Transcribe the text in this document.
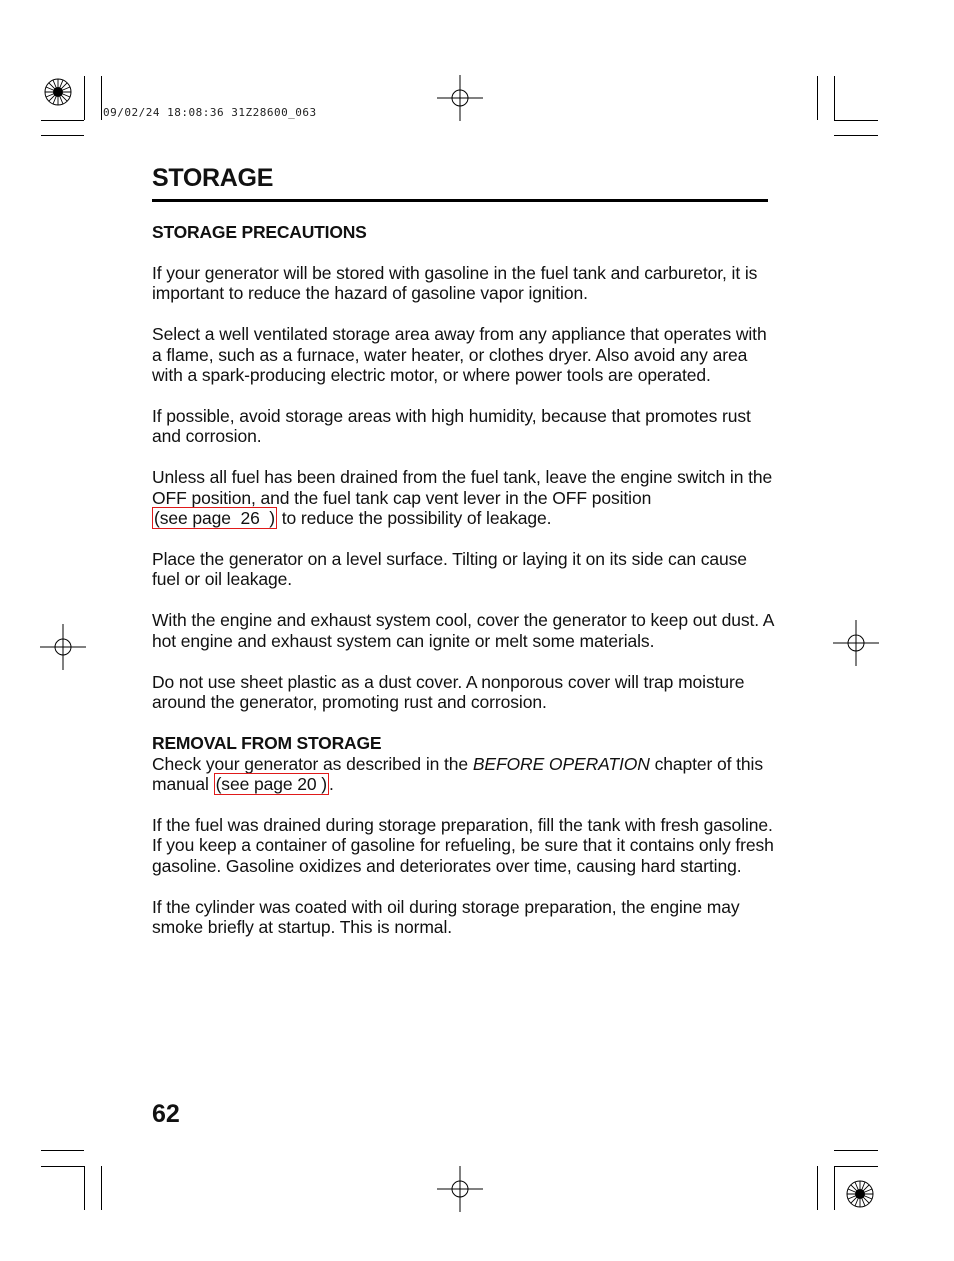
09/02/24 18:08:36 31Z28600_063
STORAGE
STORAGE PRECAUTIONS

If your generator will be stored with gasoline in the fuel tank and carburetor, it is important to reduce the hazard of gasoline vapor ignition.

Select a well ventilated storage area away from any appliance that operates with a flame, such as a furnace, water heater, or clothes dryer. Also avoid any area with a spark-producing electric motor, or where power tools are operated.

If possible, avoid storage areas with high humidity, because that promotes rust and corrosion.

Unless all fuel has been drained from the fuel tank, leave the engine switch in the OFF position, and the fuel tank cap vent lever in the OFF position (see page  26  ) to reduce the possibility of leakage.

Place the generator on a level surface. Tilting or laying it on its side can cause fuel or oil leakage.

With the engine and exhaust system cool, cover the generator to keep out dust. A hot engine and exhaust system can ignite or melt some materials.

Do not use sheet plastic as a dust cover. A nonporous cover will trap moisture around the generator, promoting rust and corrosion.

REMOVAL FROM STORAGE

Check your generator as described in the BEFORE OPERATION chapter of this manual (see page 20 ) .

If the fuel was drained during storage preparation, fill the tank with fresh gasoline. If you keep a container of gasoline for refueling, be sure that it contains only fresh gasoline. Gasoline oxidizes and deteriorates over time, causing hard starting.

If the cylinder was coated with oil during storage preparation, the engine may smoke briefly at startup. This is normal.

62
